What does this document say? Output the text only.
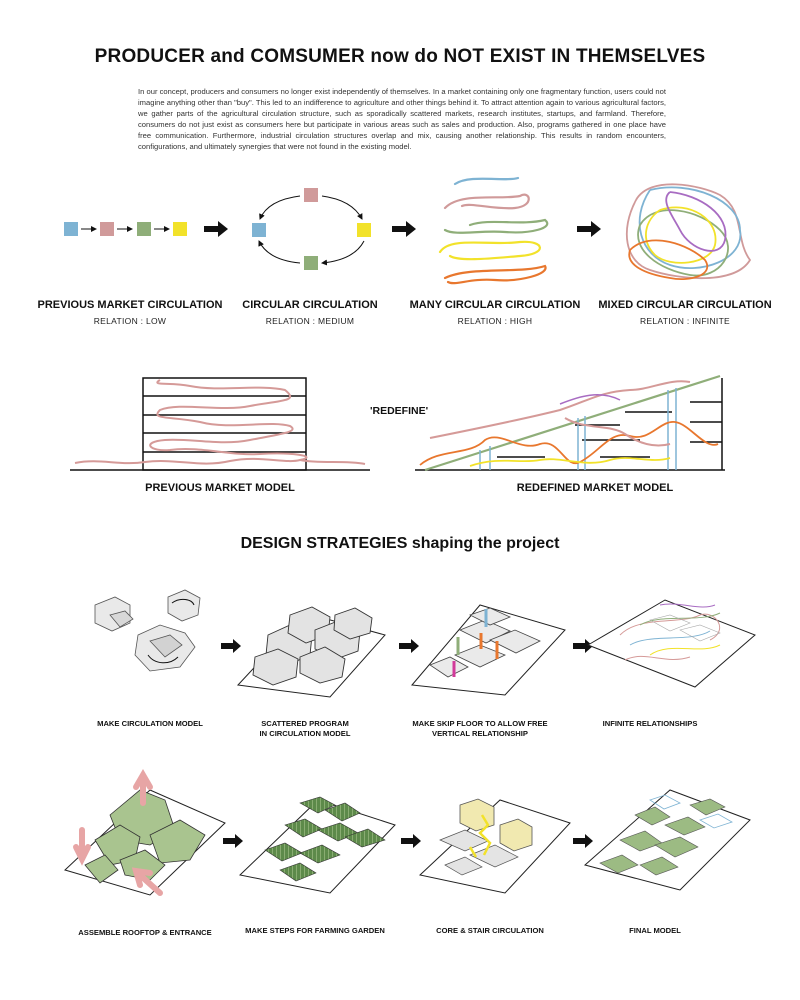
PRODUCER and COMSUMER now do NOT EXIST IN THEMSELVES
In our concept, producers and consumers no longer exist independently of themselves. In a market containing only one fragmentary function, users could not imagine anything other than "buy". This led to an indifference to agriculture and other things behind it. To attract attention again to various agricultural factors, we gather parts of the agricultural circulation structure, such as sporadically scattered markets, research institutes, startups, and farmland. Therefore, consumers do not just exist as consumers here but participate in various areas such as sales and production. Also, programs gathered in one place have free communication. Furthermore, industrial circulation structures overlap and mix, causing another relationship. This results in random encounters, configurations, and ultimately synergies that were not found in the existing model.
PREVIOUS MARKET CIRCULATION
RELATION : LOW
CIRCULAR CIRCULATION
RELATION : MEDIUM
MANY CIRCULAR CIRCULATION
RELATION : HIGH
MIXED CIRCULAR CIRCULATION
RELATION : INFINITE
'REDEFINE'
PREVIOUS MARKET MODEL	REDEFINED MARKET MODEL
DESIGN STRATEGIES shaping the project
MAKE CIRCULATION MODEL	SCATTERED PROGRAM
IN CIRCULATION MODEL
MAKE SKIP FLOOR TO ALLOW FREE
VERTICAL RELATIONSHIP
INFINITE RELATIONSHIPS
ASSEMBLE ROOFTOP & ENTRANCE	MAKE STEPS FOR FARMING GARDEN	CORE & STAIR CIRCULATION	FINAL MODEL
